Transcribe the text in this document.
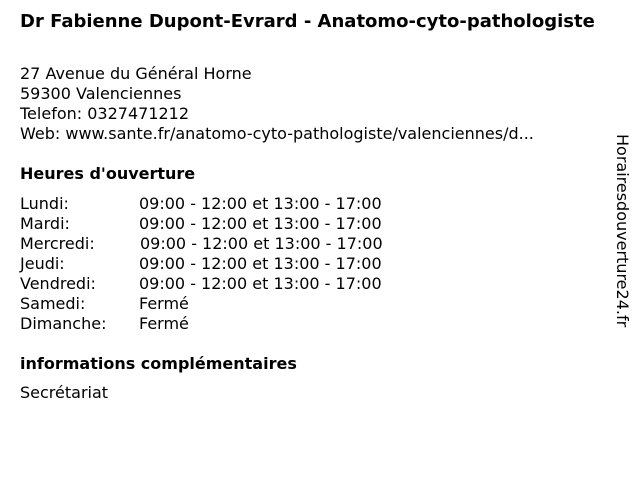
Dr Fabienne Dupont-Evrard - Anatomo-cyto-pathologiste
27 Avenue du Général Horne
59300 Valenciennes
Telefon: 0327471212
Web: www.sante.fr/anatomo-cyto-pathologiste/valenciennes/d...
Heures d'ouverture
Lundi:	09:00 - 12:00 et 13:00 - 17:00
Mardi:	09:00 - 12:00 et 13:00 - 17:00
Mercredi:	09:00 - 12:00 et 13:00 - 17:00
Jeudi:	09:00 - 12:00 et 13:00 - 17:00
Vendredi:	09:00 - 12:00 et 13:00 - 17:00
Samedi:	Fermé
Dimanche: Fermé
informations complémentaires
Secrétariat
Horairesdouverture24.fr
